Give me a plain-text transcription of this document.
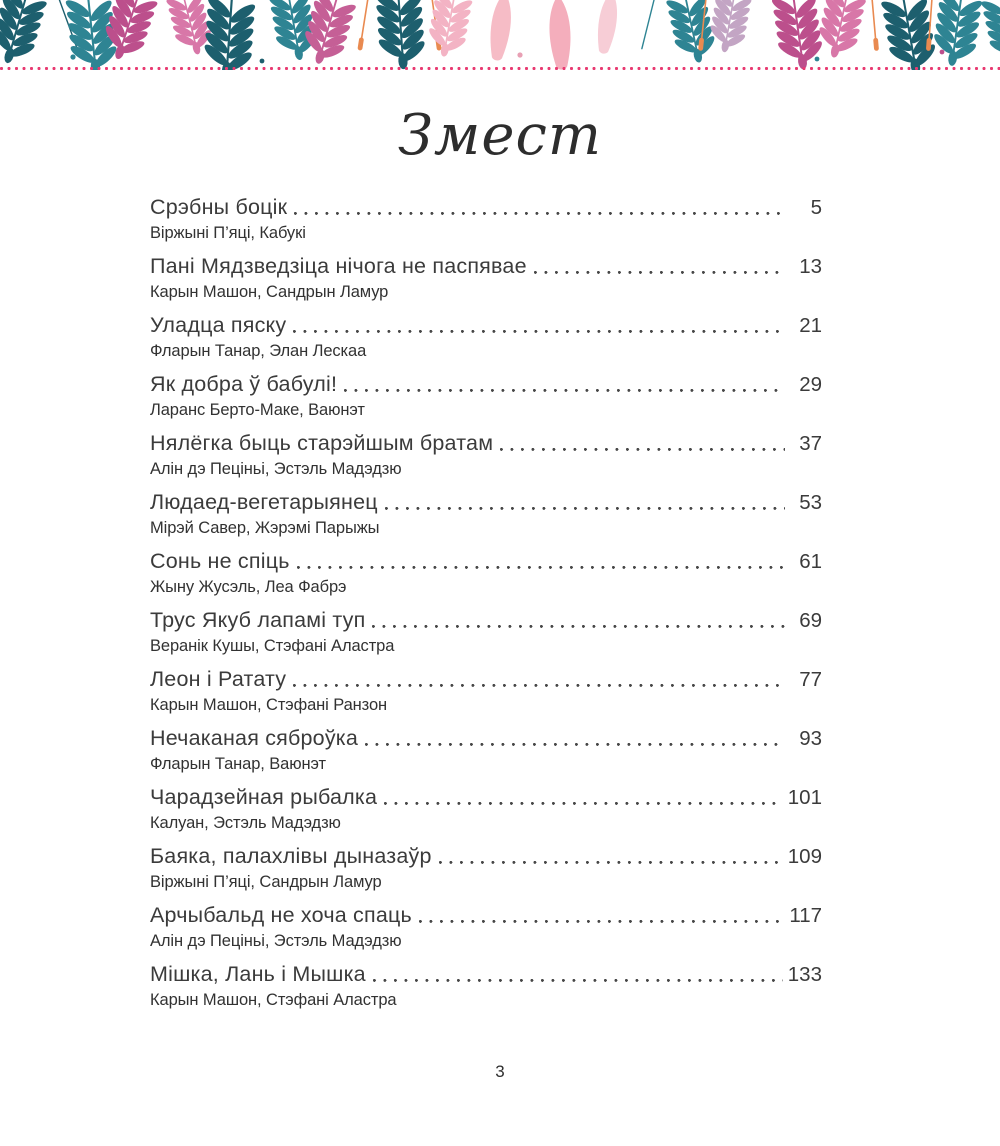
Змест
Срэбны боцік	5
Віржыні П’яці, Кабукі
Пані Мядзведзіца нічога не паспявае	13
Карын Машон, Сандрын Ламур
Уладца пяску	21
Фларын Танар, Элан Лескаа
Як добра ў бабулі!	29
Ларанс Берто-Маке, Ваюнэт
Нялёгка быць старэйшым братам	37
Алін дэ Пеціньі, Эстэль Мадэдзю
Людаед-вегетарыянец	53
Мірэй Савер, Жэрэмі Парыжы
Сонь не спіць	61
Жыну Жусэль, Леа Фабрэ
Трус Якуб лапамі туп	69
Веранік Кушы, Стэфані Аластра
Леон і Ратату	77
Карын Машон, Стэфані Ранзон
Нечаканая сяброўка	93
Фларын Танар, Ваюнэт
Чарадзейная рыбалка	101
Калуан, Эстэль Мадэдзю
Баяка, палахлівы дыназаўр	109
Віржыні П’яці, Сандрын Ламур
Арчыбальд не хоча спаць	117
Алін дэ Пеціньі, Эстэль Мадэдзю
Мішка, Лань і Мышка	133
Карын Машон, Стэфані Аластра
3
